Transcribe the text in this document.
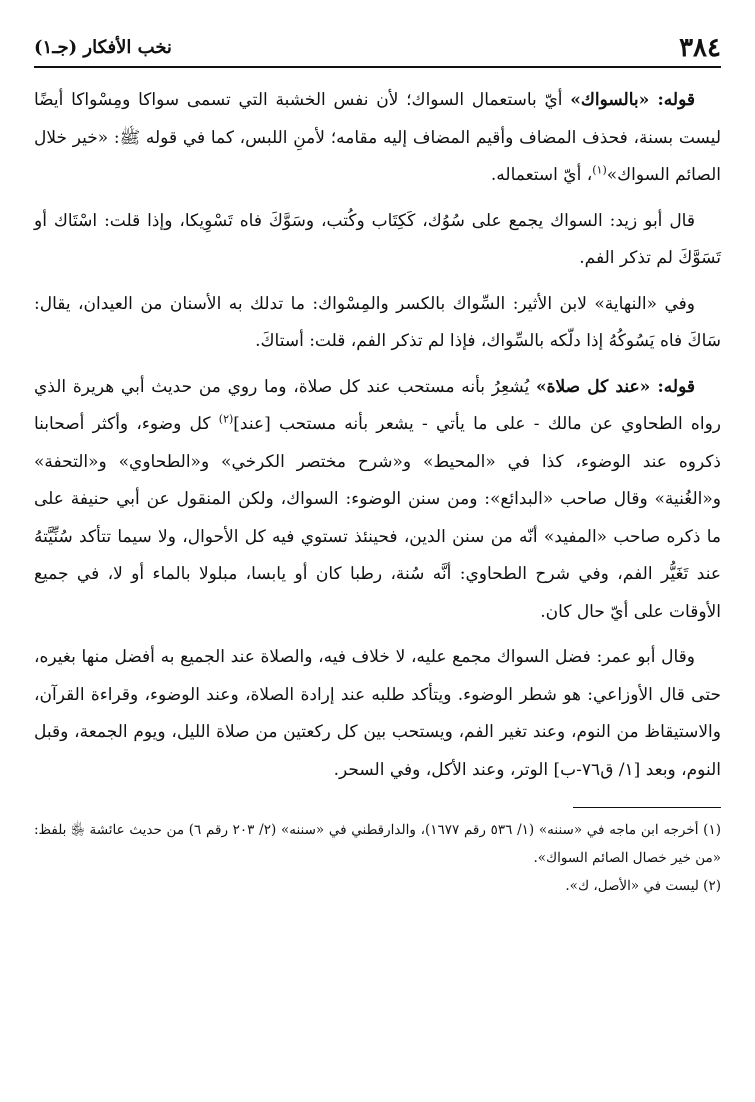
٣٨٤
نخب الأفكار (جـ١)

قوله: «بالسواك» أيّ باستعمال السواك؛ لأن نفس الخشبة التي تسمى سواكا ومِسْواكا أيضًا ليست بسنة، فحذف المضاف وأقيم المضاف إليه مقامه؛ لأمنِ اللبس، كما في قوله ﷺ: «خير خلال الصائم السواك»$^{(١)}$، أيّ استعماله.

قال أبو زيد: السواك يجمع على سُوُك، كَكِتَاب وكُتب، وسَوَّكَ فاه تَسْوِيكا، وإذا قلت: اسْتَاك أو تَسَوَّكَ لم تذكر الفم.

وفي «النهاية» لابن الأثير: السِّواك بالكسر والمِسْواك: ما تدلك به الأسنان من العيدان، يقال: سَاكَ فاه يَسُوكُهُ إذا دلّكه بالسِّواك، فإذا لم تذكر الفم، قلت: أستاكَ.

قوله: «عند كل صلاة» يُشعِرُ بأنه مستحب عند كل صلاة، وما روي من حديث أبي هريرة الذي رواه الطحاوي عن مالك - على ما يأتي - يشعر بأنه مستحب [عند]$^{(٢)}$ كل وضوء، وأكثر أصحابنا ذكروه عند الوضوء، كذا في «المحيط» و«شرح مختصر الكرخي» و«الطحاوي» و«التحفة» و«الغُنية» وقال صاحب «البدائع»: ومن سنن الوضوء: السواك، ولكن المنقول عن أبي حنيفة على ما ذكره صاحب «المفيد» أنّه من سنن الدين، فحينئذ تستوي فيه كل الأحوال، ولا سيما تتأكد سُنِّيَّتهُ عند تَغَيُّر الفم، وفي شرح الطحاوي: أنَّه سُنة، رطبا كان أو يابسا، مبلولا بالماء أو لا، في جميع الأوقات على أيّ حال كان.

وقال أبو عمر: فضل السواك مجمع عليه، لا خلاف فيه، والصلاة عند الجميع به أفضل منها بغيره، حتى قال الأوزاعي: هو شطر الوضوء. ويتأكد طلبه عند إرادة الصلاة، وعند الوضوء، وقراءة القرآن، والاستيقاظ من النوم، وعند تغير الفم، ويستحب بين كل ركعتين من صلاة الليل، ويوم الجمعة، وقبل النوم، وبعد [١/ ق٧٦-ب] الوتر، وعند الأكل، وفي السحر.

(١) أخرجه ابن ماجه في «سننه» (١/ ٥٣٦ رقم ١٦٧٧)، والدارقطني في «سننه» (٢/ ٢٠٣ رقم ٦) من حديث عائشة ﵂ بلفظ: «من خير خصال الصائم السواك».

(٢) ليست في «الأصل، ك».
